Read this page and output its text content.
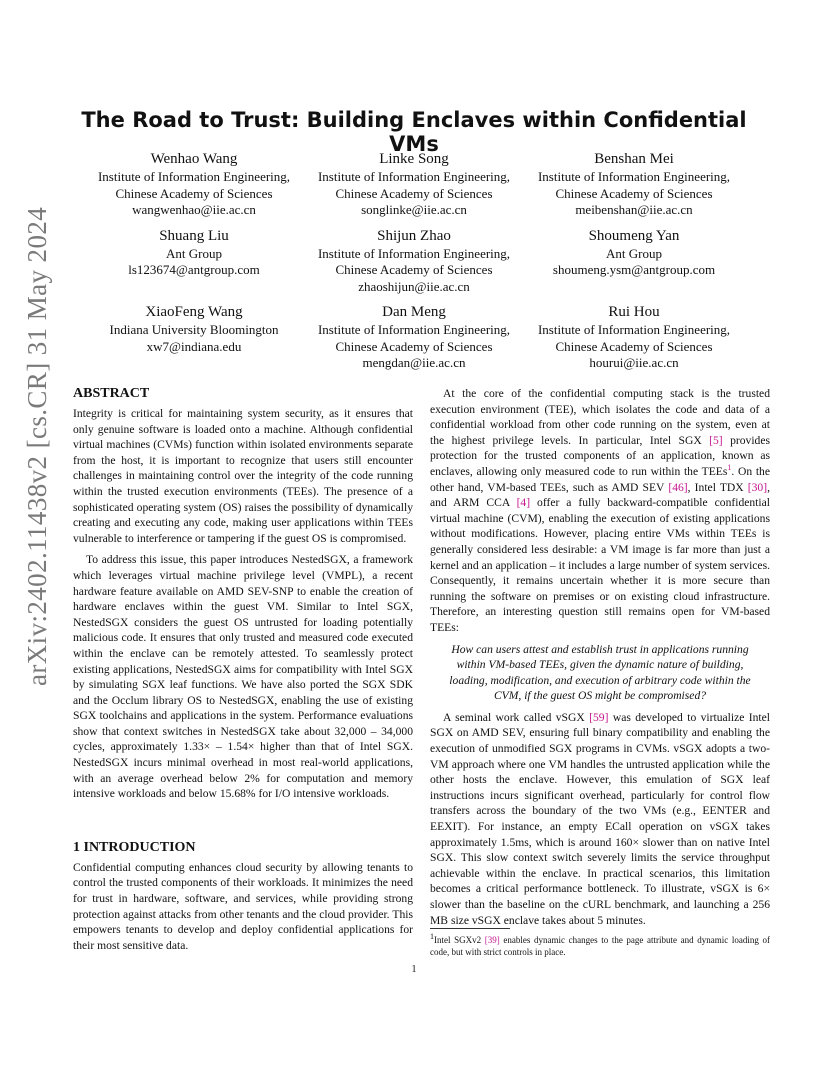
arXiv:2402.11438v2 [cs.CR] 31 May 2024
The Road to Trust: Building Enclaves within Confidential VMs
Wenhao Wang
Institute of Information Engineering,
Chinese Academy of Sciences
wangwenhao@iie.ac.cn
Linke Song
Institute of Information Engineering,
Chinese Academy of Sciences
songlinke@iie.ac.cn
Benshan Mei
Institute of Information Engineering,
Chinese Academy of Sciences
meibenshan@iie.ac.cn
Shuang Liu
Ant Group
ls123674@antgroup.com
Shijun Zhao
Institute of Information Engineering,
Chinese Academy of Sciences
zhaoshijun@iie.ac.cn
Shoumeng Yan
Ant Group
shoumeng.ysm@antgroup.com
XiaoFeng Wang
Indiana University Bloomington
xw7@indiana.edu
Dan Meng
Institute of Information Engineering,
Chinese Academy of Sciences
mengdan@iie.ac.cn
Rui Hou
Institute of Information Engineering,
Chinese Academy of Sciences
hourui@iie.ac.cn
ABSTRACT

Integrity is critical for maintaining system security, as it ensures that only genuine software is loaded onto a machine. Although confidential virtual machines (CVMs) function within isolated environments separate from the host, it is important to recognize that users still encounter challenges in maintaining control over the integrity of the code running within the trusted execution environments (TEEs). The presence of a sophisticated operating system (OS) raises the possibility of dynamically creating and executing any code, making user applications within TEEs vulnerable to interference or tampering if the guest OS is compromised.

To address this issue, this paper introduces NestedSGX, a framework which leverages virtual machine privilege level (VMPL), a recent hardware feature available on AMD SEV-SNP to enable the creation of hardware enclaves within the guest VM. Similar to Intel SGX, NestedSGX considers the guest OS untrusted for loading potentially malicious code. It ensures that only trusted and measured code executed within the enclave can be remotely attested. To seamlessly protect existing applications, NestedSGX aims for compatibility with Intel SGX by simulating SGX leaf functions. We have also ported the SGX SDK and the Occlum library OS to NestedSGX, enabling the use of existing SGX toolchains and applications in the system. Performance evaluations show that context switches in NestedSGX take about 32,000 – 34,000 cycles, approximately 1.33× – 1.54× higher than that of Intel SGX. NestedSGX incurs minimal overhead in most real-world applications, with an average overhead below 2% for computation and memory intensive workloads and below 15.68% for I/O intensive workloads.

1 INTRODUCTION

Confidential computing enhances cloud security by allowing tenants to control the trusted components of their workloads. It minimizes the need for trust in hardware, software, and services, while providing strong protection against attacks from other tenants and the cloud provider. This empowers tenants to develop and deploy confidential applications for their most sensitive data.

At the core of the confidential computing stack is the trusted execution environment (TEE), which isolates the code and data of a confidential workload from other code running on the system, even at the highest privilege levels. In particular, Intel SGX [5] provides protection for the trusted components of an application, known as enclaves, allowing only measured code to run within the TEEs$^1$. On the other hand, VM-based TEEs, such as AMD SEV [46], Intel TDX [30], and ARM CCA [4] offer a fully backward-compatible confidential virtual machine (CVM), enabling the execution of existing applications without modifications. However, placing entire VMs within TEEs is generally considered less desirable: a VM image is far more than just a kernel and an application – it includes a large number of system services. Consequently, it remains uncertain whether it is more secure than running the software on premises or on existing cloud infrastructure. Therefore, an interesting question still remains open for VM-based TEEs:

How can users attest and establish trust in applications running within VM-based TEEs, given the dynamic nature of building, loading, modification, and execution of arbitrary code within the CVM, if the guest OS might be compromised?

A seminal work called vSGX [59] was developed to virtualize Intel SGX on AMD SEV, ensuring full binary compatibility and enabling the execution of unmodified SGX programs in CVMs. vSGX adopts a two-VM approach where one VM handles the untrusted application while the other hosts the enclave. However, this emulation of SGX leaf instructions incurs significant overhead, particularly for control flow transfers across the boundary of the two VMs (e.g., EENTER and EEXIT). For instance, an empty ECall operation on vSGX takes approximately 1.5ms, which is around 160× slower than on native Intel SGX. This slow context switch severely limits the service throughput achievable within the enclave. In practical scenarios, this limitation becomes a critical performance bottleneck. To illustrate, vSGX is 6× slower than the baseline on the cURL benchmark, and launching a 256 MB size vSGX enclave takes about 5 minutes.

1Intel SGXv2 [39] enables dynamic changes to the page attribute and dynamic loading of code, but with strict controls in place.
1
